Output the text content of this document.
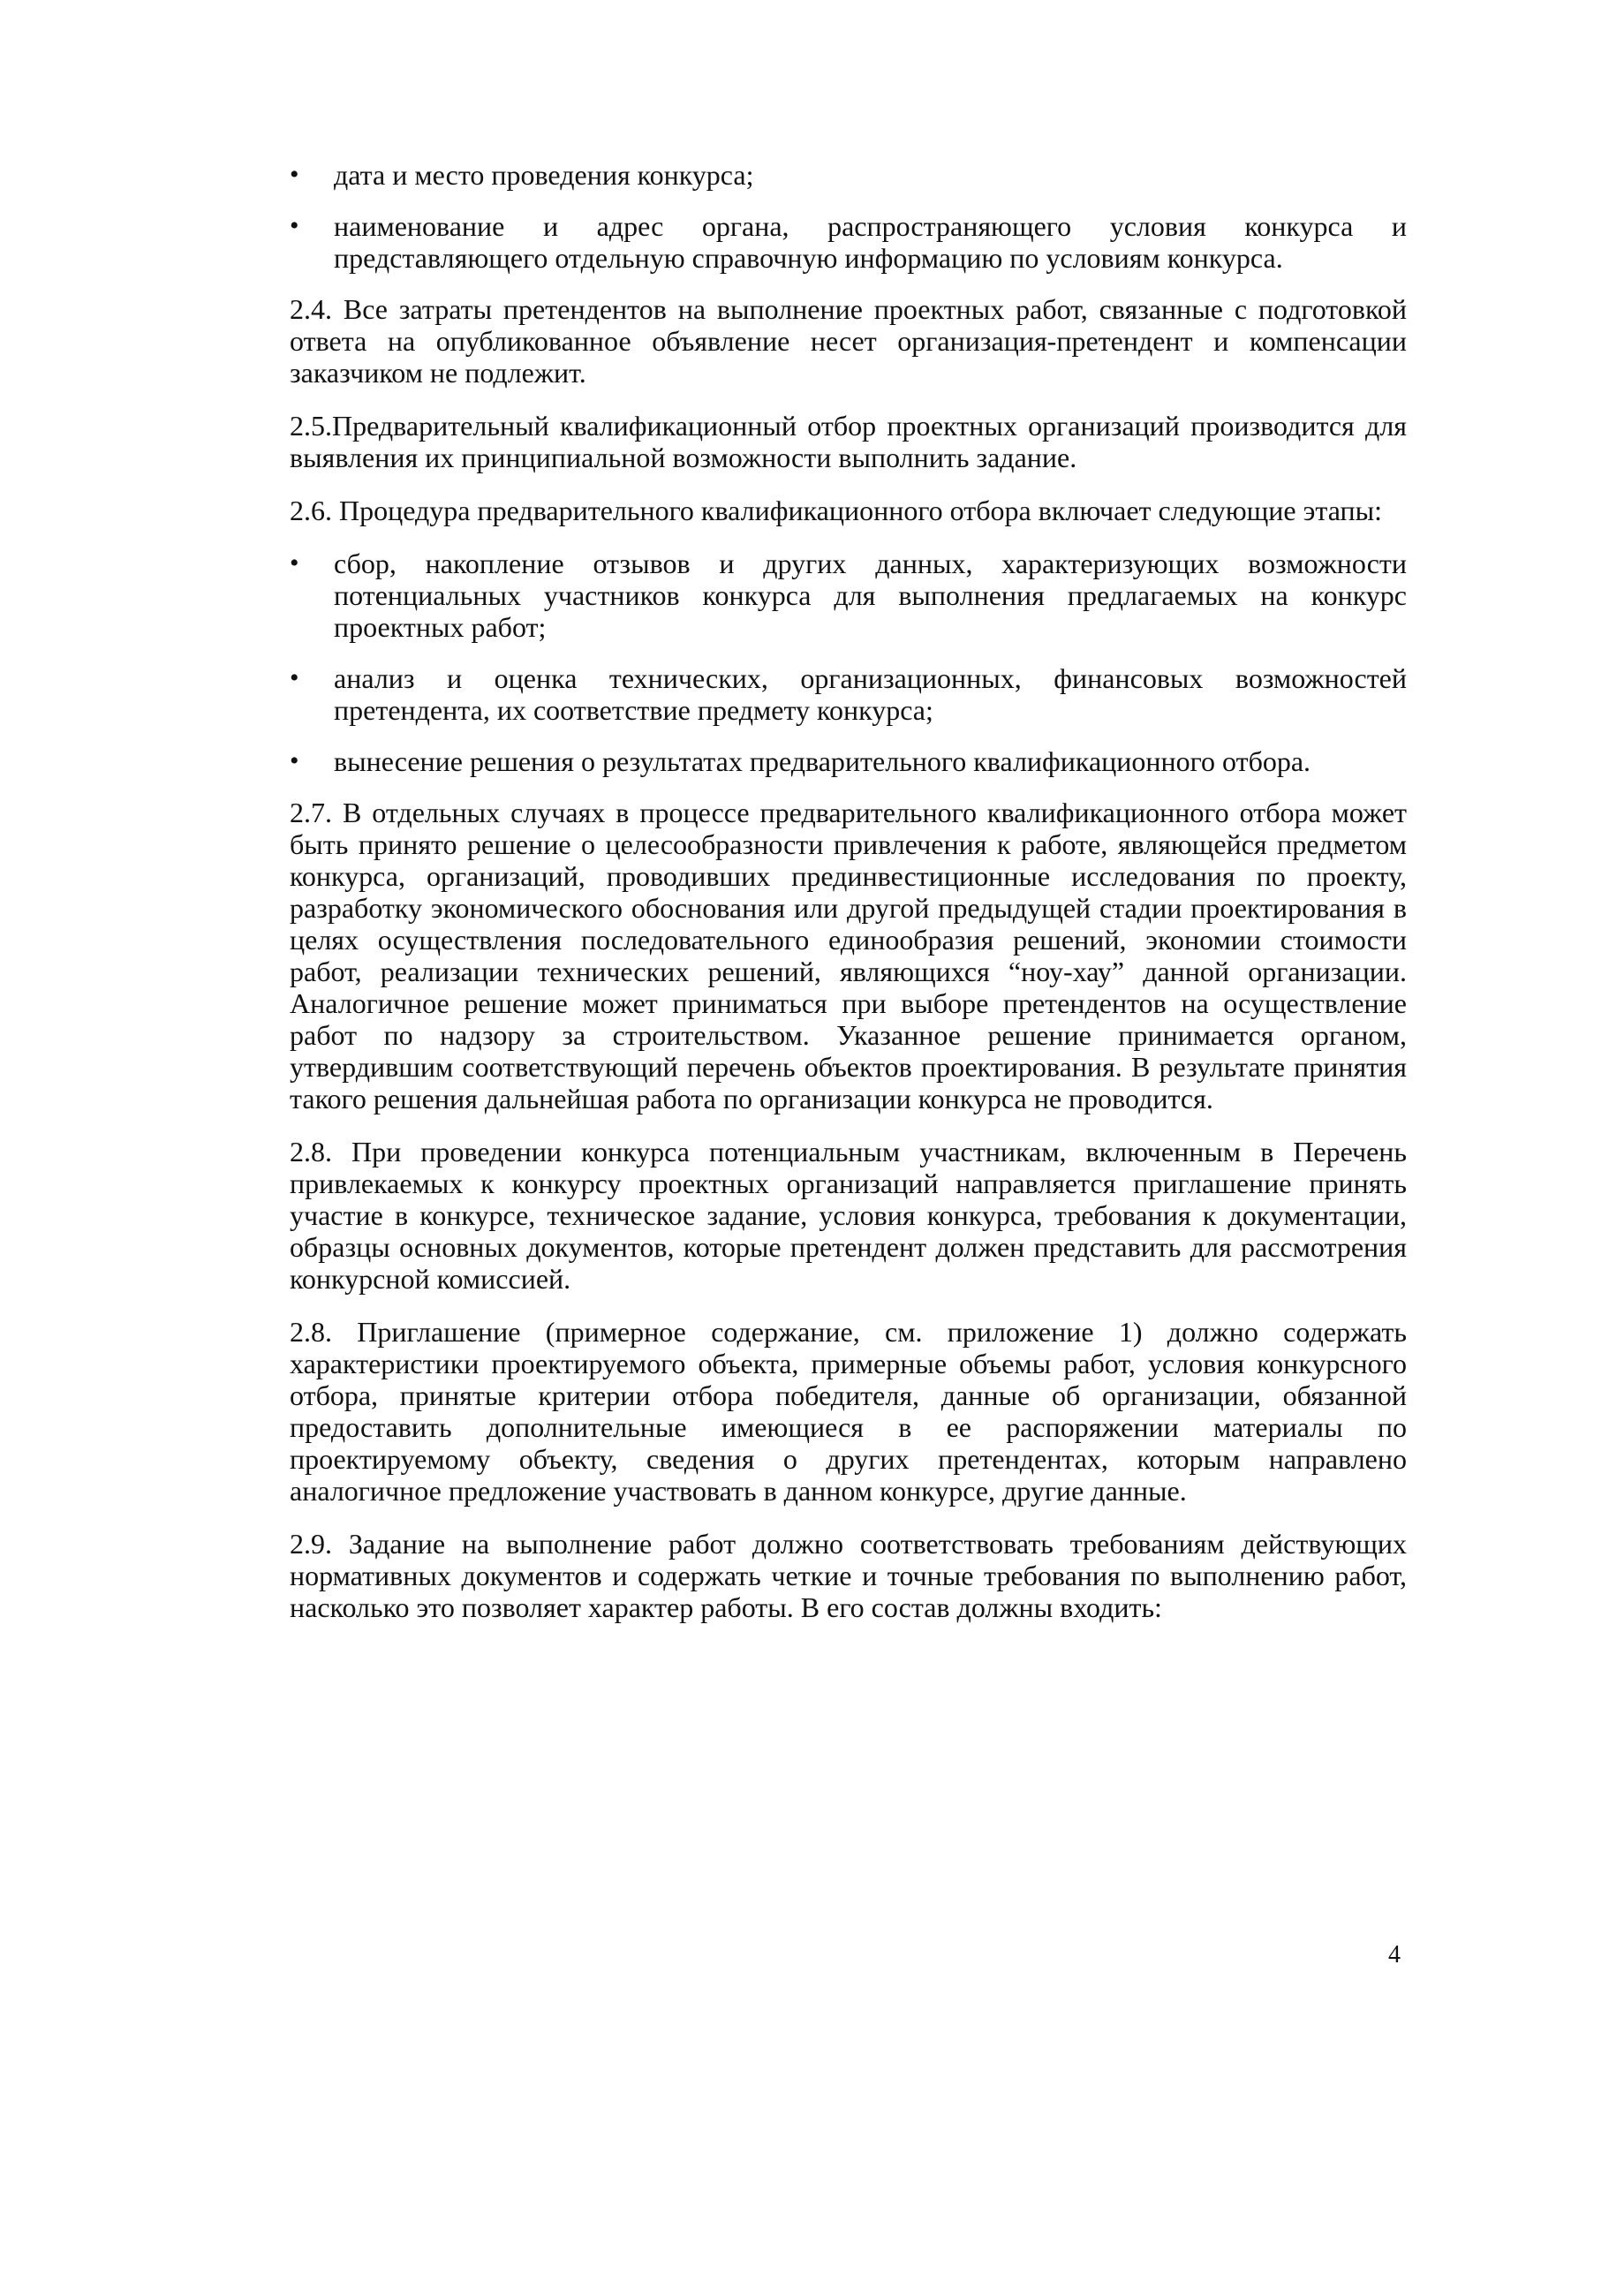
• дата и место проведения конкурса;
• наименование и адрес органа, распространяющего условия конкурса и представляющего отдельную справочную информацию по условиям конкурса.

2.4. Все затраты претендентов на выполнение проектных работ, связанные с подготовкой ответа на опубликованное объявление несет организация-претендент и компенсации заказчиком не подлежит.

2.5.Предварительный квалификационный отбор проектных организаций производится для выявления их принципиальной возможности выполнить задание.

2.6. Процедура предварительного квалификационного отбора включает следующие этапы:

• сбор, накопление отзывов и других данных, характеризующих возможности потенциальных участников конкурса для выполнения предлагаемых на конкурс проектных работ;
• анализ и оценка технических, организационных, финансовых возможностей претендента, их соответствие предмету конкурса;
• вынесение решения о результатах предварительного квалификационного отбора.

2.7. В отдельных случаях в процессе предварительного квалификационного отбора может быть принято решение о целесообразности привлечения к работе, являющейся предметом конкурса, организаций, проводивших прединвестиционные исследования по проекту, разработку экономического обоснования или другой предыдущей стадии проектирования в целях осуществления последовательного единообразия решений, экономии стоимости работ, реализации технических решений, являющихся “ноу-хау” данной организации. Аналогичное решение может приниматься при выборе претендентов на осуществление работ по надзору за строительством. Указанное решение принимается органом, утвердившим соответствующий перечень объектов проектирования. В результате принятия такого решения дальнейшая работа по организации конкурса не проводится.

2.8. При проведении конкурса потенциальным участникам, включенным в Перечень привлекаемых к конкурсу проектных организаций направляется приглашение принять участие в конкурсе, техническое задание, условия конкурса, требования к документации, образцы основных документов, которые претендент должен представить для рассмотрения конкурсной комиссией.

2.8. Приглашение (примерное содержание, см. приложение 1) должно содержать характеристики проектируемого объекта, примерные объемы работ, условия конкурсного отбора, принятые критерии отбора победителя, данные об организации, обязанной предоставить дополнительные имеющиеся в ее распоряжении материалы по проектируемому объекту, сведения о других претендентах, которым направлено аналогичное предложение участвовать в данном конкурсе, другие данные.

2.9. Задание на выполнение работ должно соответствовать требованиям действующих нормативных документов и содержать четкие и точные требования по выполнению работ, насколько это позволяет характер работы. В его состав должны входить:

4
